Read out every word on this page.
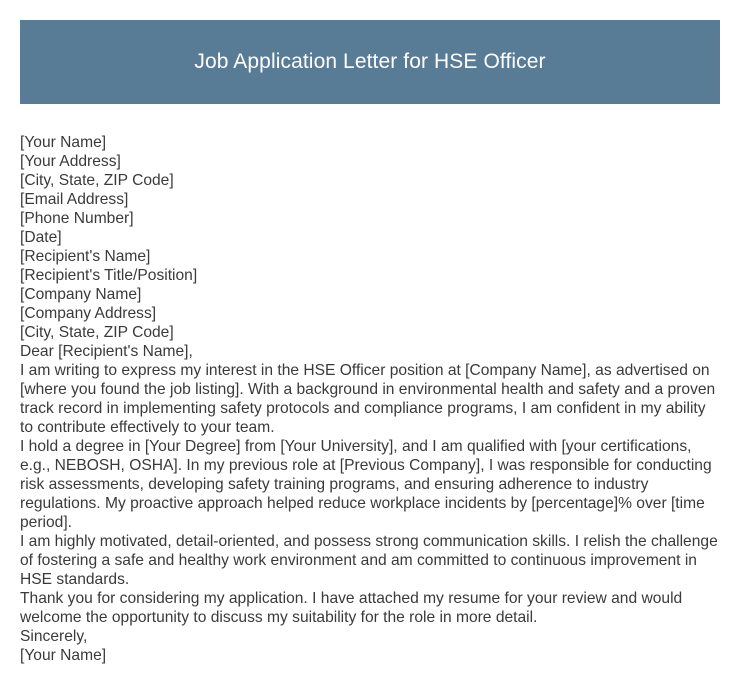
Job Application Letter for HSE Officer

[Your Name]

[Your Address]

[City, State, ZIP Code]

[Email Address]

[Phone Number]

[Date]

[Recipient's Name]

[Recipient's Title/Position]

[Company Name]

[Company Address]

[City, State, ZIP Code]

Dear [Recipient's Name],

I am writing to express my interest in the HSE Officer position at [Company Name], as advertised on [where you found the job listing]. With a background in environmental health and safety and a proven track record in implementing safety protocols and compliance programs, I am confident in my ability to contribute effectively to your team.

I hold a degree in [Your Degree] from [Your University], and I am qualified with [your certifications, e.g., NEBOSH, OSHA]. In my previous role at [Previous Company], I was responsible for conducting risk assessments, developing safety training programs, and ensuring adherence to industry regulations. My proactive approach helped reduce workplace incidents by [percentage]% over [time period].

I am highly motivated, detail-oriented, and possess strong communication skills. I relish the challenge of fostering a safe and healthy work environment and am committed to continuous improvement in HSE standards.

Thank you for considering my application. I have attached my resume for your review and would welcome the opportunity to discuss my suitability for the role in more detail.

Sincerely,

[Your Name]
